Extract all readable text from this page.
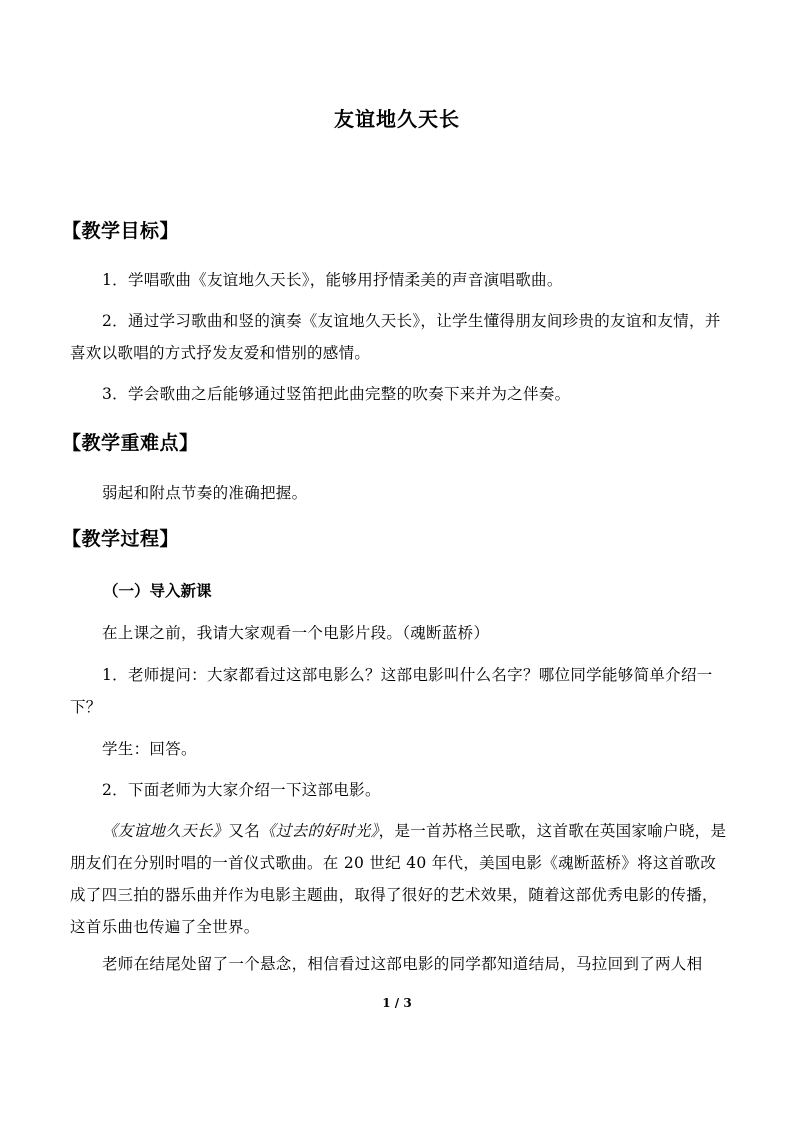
友谊地久天长
【教学目标】
1．学唱歌曲《友谊地久天长》，能够用抒情柔美的声音演唱歌曲。
2．通过学习歌曲和竖的演奏《友谊地久天长》，让学生懂得朋友间珍贵的友谊和友情，并喜欢以歌唱的方式抒发友爱和惜别的感情。
3．学会歌曲之后能够通过竖笛把此曲完整的吹奏下来并为之伴奏。
【教学重难点】
弱起和附点节奏的准确把握。
【教学过程】
（一）导入新课
在上课之前，我请大家观看一个电影片段。（魂断蓝桥）
1．老师提问：大家都看过这部电影么？这部电影叫什么名字？哪位同学能够简单介绍一下？
学生：回答。
2．下面老师为大家介绍一下这部电影。
《友谊地久天长》又名《过去的好时光》，是一首苏格兰民歌，这首歌在英国家喻户晓，是朋友们在分别时唱的一首仪式歌曲。在 20 世纪 40 年代，美国电影《魂断蓝桥》将这首歌改成了四三拍的器乐曲并作为电影主题曲，取得了很好的艺术效果，随着这部优秀电影的传播，这首乐曲也传遍了全世界。
老师在结尾处留了一个悬念，相信看过这部电影的同学都知道结局，马拉回到了两人相
1 / 3
